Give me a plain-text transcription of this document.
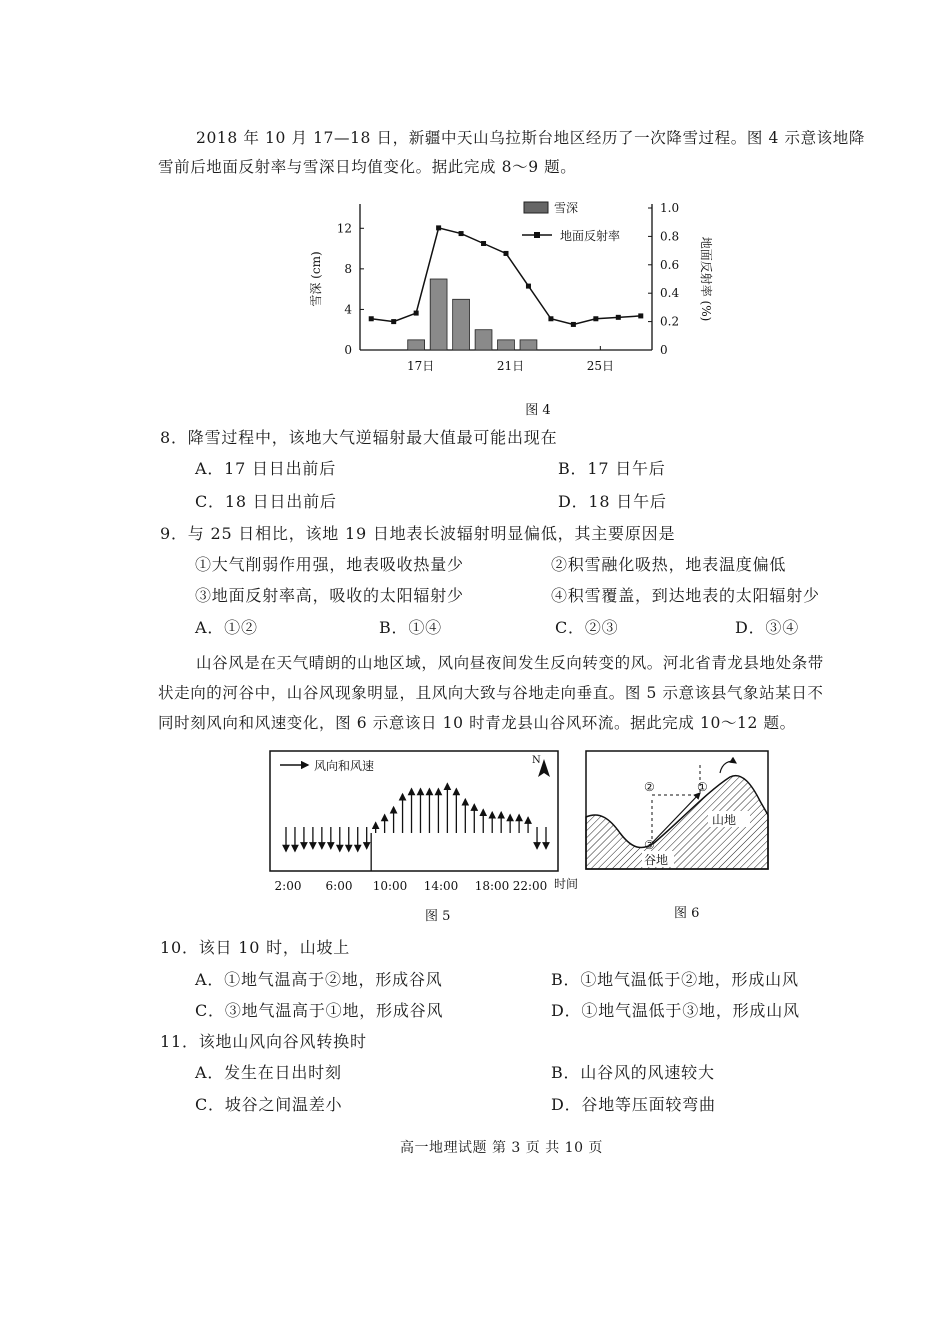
2018 年 10 月 17—18 日，新疆中天山乌拉斯台地区经历了一次降雪过程。图 4 示意该地降
雪前后地面反射率与雪深日均值变化。据此完成 8～9 题。
0
4
8
12
0
0.2
0.4
0.6
0.8
1.0
17日	21日	25日
雪深 (cm)	地面反射率 (%)
图 4
雪深
地面反射率
8．降雪过程中，该地大气逆辐射最大值最可能出现在
A．17 日日出前后	B．17 日午后
C．18 日日出前后	D．18 日午后
9．与 25 日相比，该地 19 日地表长波辐射明显偏低，其主要原因是
①大气削弱作用强，地表吸收热量少	②积雪融化吸热，地表温度偏低
③地面反射率高，吸收的太阳辐射少	④积雪覆盖，到达地表的太阳辐射少
A．①②	B．①④	C．②③	D．③④
山谷风是在天气晴朗的山地区域，风向昼夜间发生反向转变的风。河北省青龙县地处条带
状走向的河谷中，山谷风现象明显，且风向大致与谷地走向垂直。图 5 示意该县气象站某日不
同时刻风向和风速变化，图 6 示意该日 10 时青龙县山谷风环流。据此完成 10～12 题。
风向和风速	N
2:00 6:00 10:00 14:00 18:00 22:00 时间
图 5
山地
谷地
②	①
③
图 6
10．该日 10 时，山坡上
A．①地气温高于②地，形成谷风	B．①地气温低于②地，形成山风
C．③地气温高于①地，形成谷风	D．①地气温低于③地，形成山风
11．该地山风向谷风转换时
A．发生在日出时刻	B．山谷风的风速较大
C．坡谷之间温差小	D．谷地等压面较弯曲
高一地理试题 第 3 页 共 10 页
